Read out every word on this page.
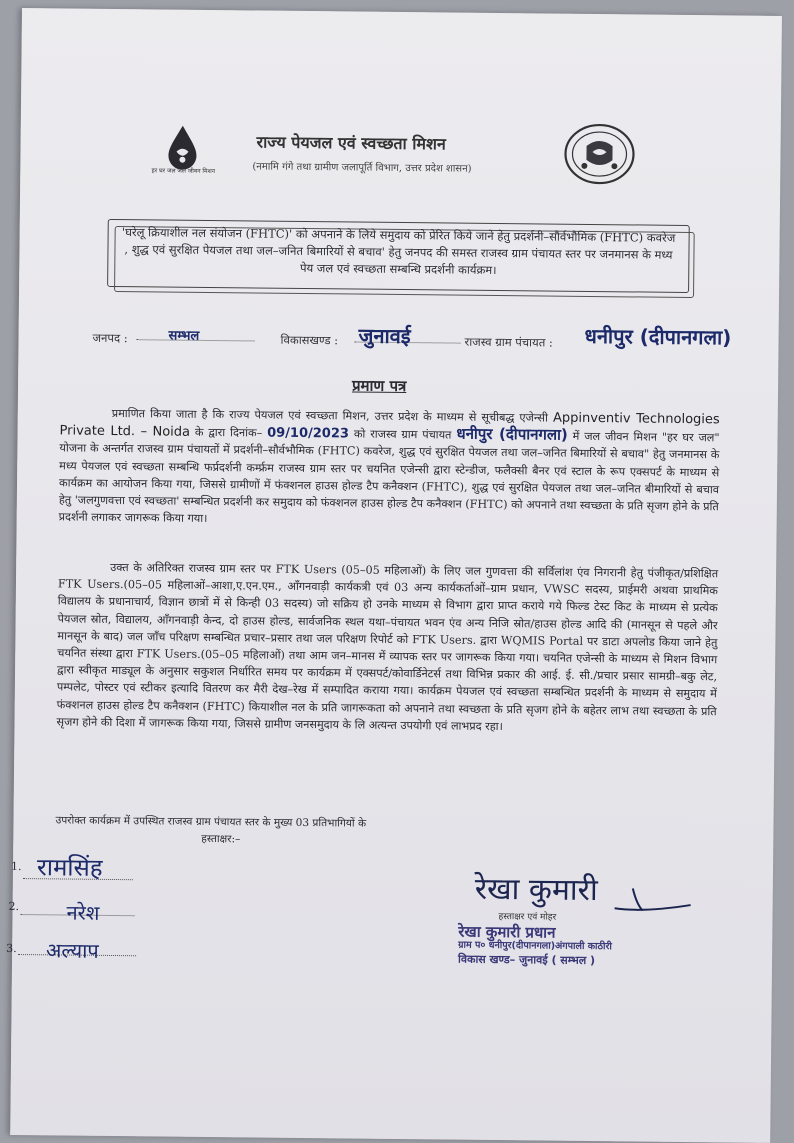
हर घर जल जल जीवन मिशन
राज्य पेयजल एवं स्वच्छता मिशन
(नमामि गंगे तथा ग्रामीण जलापूर्ति विभाग, उत्तर प्रदेश शासन)
'घरेलू क्रियाशील नल संयोजन (FHTC)' को अपनाने के लिये समुदाय को प्रेरित किये जाने हेतु प्रदर्शनी–सौर्वभौमिक (FHTC) कवरेज , शुद्ध एवं सुरक्षित पेयजल तथा जल–जनित बिमारियों से बचाव' हेतु जनपद की समस्त राजस्व ग्राम पंचायत स्तर पर जनमानस के मध्य पेय जल एवं स्वच्छता सम्बन्धि प्रदर्शनी कार्यक्रम।
जनपद :	सम्भल	विकासखण्ड : जुनावई	राजस्व ग्राम पंचायत : धनीपुर (दीपानगला)
प्रमाण पत्र
प्रमाणित किया जाता है कि राज्य पेयजल एवं स्वच्छता मिशन, उत्तर प्रदेश के माध्यम से सूचीबद्ध एजेन्सी Appinventiv Technologies Private Ltd. – Noida के द्वारा दिनांक– 09/10/2023 को राजस्व ग्राम पंचायत धनीपुर (दीपानगला) में जल जीवन मिशन "हर घर जल" योजना के अन्तर्गत राजस्व ग्राम पंचायतों में प्रदर्शनी–सौर्वभौमिक (FHTC) कवरेज, शुद्ध एवं सुरक्षित पेयजल तथा जल–जनित बिमारियों से बचाव" हेतु जनमानस के मध्य पेयजल एवं स्वच्छता सम्बन्धि फर्प्रदर्शनी कर्म्फ्रम राजस्व ग्राम स्तर पर चयनित एजेन्सी द्वारा स्टेन्डीज, फलैक्सी बैनर एवं स्टाल के रूप एक्सपर्ट के माध्यम से कार्यक्रम का आयोजन किया गया, जिससे ग्रामीणों में फंक्शनल हाउस होल्ड टैप कनैक्शन (FHTC), शुद्ध एवं सुरक्षित पेयजल तथा जल–जनित बीमारियों से बचाव हेतु 'जलगुणवत्ता एवं स्वच्छता' सम्बन्धित प्रदर्शनी कर समुदाय को फंक्शनल हाउस होल्ड टैप कनैक्शन (FHTC) को अपनाने तथा स्वच्छता के प्रति सृजग होने के प्रति प्रदर्शनी लगाकर जागरूक किया गया।
उक्त के अतिरिक्त राजस्व ग्राम स्तर पर FTK Users (05–05 महिलाओं) के लिए जल गुणवत्ता की सर्विलांश एंव निगरानी हेतु पंजीकृत/प्रशिक्षित FTK Users.(05–05 महिलाओं–आशा,ए.एन.एम., आँगनवाड़ी कार्यकत्री एवं 03 अन्य कार्यकर्ताओं–ग्राम प्रधान, VWSC सदस्य, प्राईमरी अथवा प्राथमिक विद्यालय के प्रधानाचार्य, विज्ञान छात्रों में से किन्ही 03 सदस्य) जो सक्रिय हो उनके माध्यम से विभाग द्वारा प्राप्त कराये गये फिल्ड टेस्ट किट के माध्यम से प्रत्येक पेयजल स्रोत, विद्यालय, आँगनवाड़ी केन्द, दो हाउस होल्ड, सार्वजनिक स्थल यथा–पंचायत भवन एंव अन्य निजि स्रोत/हाउस होल्ड आदि की (मानसून से पहले और मानसून के बाद) जल जाँच परिक्षण सम्बन्धित प्रचार–प्रसार तथा जल परिक्षण रिपोर्ट को FTK Users. द्वारा WQMIS Portal पर डाटा अपलोड किया जाने हेतु चयनित संस्था द्वारा FTK Users.(05–05 महिलाओं) तथा आम जन–मानस में व्यापक स्तर पर जागरूक किया गया। चयनित एजेन्सी के माध्यम से मिशन विभाग द्वारा स्वीकृत माड्यूल के अनुसार सकुशल निर्धारित समय पर कार्यक्रम में एक्सपर्ट/कोवार्डिनेटर्स तथा विभिन्न प्रकार की आई. ई. सी./प्रचार प्रसार सामग्री–बकु लेट, पम्पलेट, पोस्टर एवं स्टीकर इत्यादि वितरण कर मैरी देख–रेख में सम्पादित कराया गया। कार्यक्रम पेयजल एवं स्वच्छता सम्बन्धित प्रदर्शनी के माध्यम से समुदाय में फंक्शनल हाउस होल्ड टैप कनैक्शन (FHTC) कियाशील नल के प्रति जागरूकता को अपनाने तथा स्वच्छता के प्रति सृजग होने के बहेतर लाभ तथा स्वच्छता के प्रति सृजग होने की दिशा में जागरूक किया गया, जिससे ग्रामीण जनसमुदाय के लि अत्यन्त उपयोगी एवं लाभप्रद रहा।
उपरोक्त कार्यक्रम में उपस्थित राजस्व ग्राम पंचायत स्तर के मुख्य 03 प्रतिभागियों के
हस्ताक्षर:–
1. रामसिंह
2. नरेश
3. अल्याप
रेखा कुमारी
हस्ताक्षर एवं मोहर
रेखा कुमारी प्रधान
ग्राम प० धनीपुर(दीपानगला)अंगपाली काठीरी
विकास खण्ड– जुनावई ( सम्भल )
